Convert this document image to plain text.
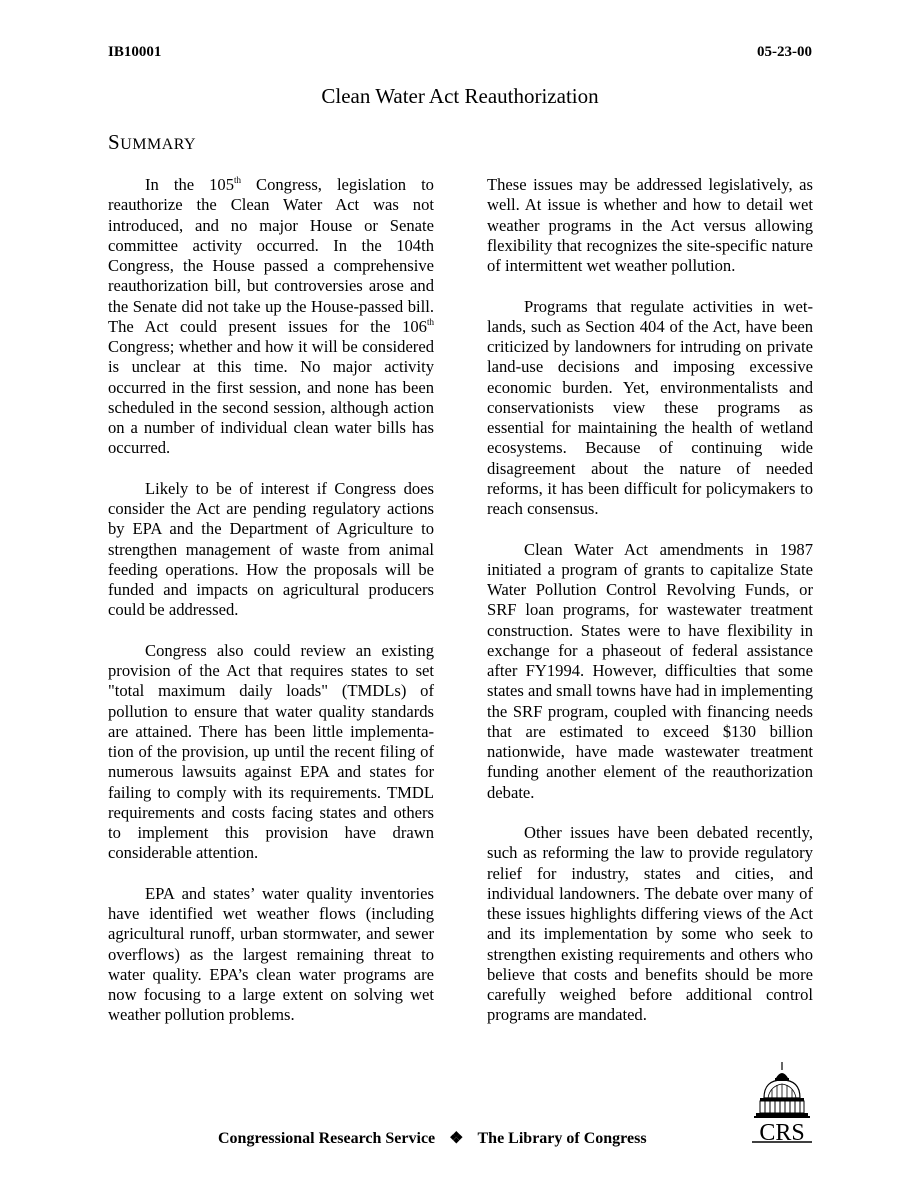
IB10001	05-23-00
Clean Water Act Reauthorization
SUMMARY

In the 105th Congress, legislation to reauthorize the Clean Water Act was not introduced, and no major House or Senate committee activity occurred. In the 104th Congress, the House passed a comprehensive reauthorization bill, but controversies arose and the Senate did not take up the House-passed bill. The Act could present issues for the 106th Congress; whether and how it will be considered is unclear at this time. No major activity occurred in the first session, and none has been scheduled in the second session, although action on a number of individual clean water bills has occurred.

Likely to be of interest if Congress does consider the Act are pending regulatory actions by EPA and the Department of Agriculture to strengthen management of waste from animal feeding operations. How the proposals will be funded and impacts on agricultural producers could be addressed.

Congress also could review an existing provision of the Act that requires states to set "total maximum daily loads" (TMDLs) of pollution to ensure that water quality standards are attained. There has been little implementation of the provision, up until the recent filing of numerous lawsuits against EPA and states for failing to comply with its requirements. TMDL requirements and costs facing states and others to implement this provision have drawn considerable attention.

EPA and states’ water quality inventories have identified wet weather flows (including agricultural runoff, urban stormwater, and sewer overflows) as the largest remaining threat to water quality. EPA’s clean water programs are now focusing to a large extent on solving wet weather pollution problems.

These issues may be addressed legislatively, as well. At issue is whether and how to detail wet weather programs in the Act versus allowing flexibility that recognizes the site-specific nature of intermittent wet weather pollution.

Programs that regulate activities in wetlands, such as Section 404 of the Act, have been criticized by landowners for intruding on private land-use decisions and imposing excessive economic burden. Yet, environmentalists and conservationists view these programs as essential for maintaining the health of wetland ecosystems. Because of continuing wide disagreement about the nature of needed reforms, it has been difficult for policymakers to reach consensus.

Clean Water Act amendments in 1987 initiated a program of grants to capitalize State Water Pollution Control Revolving Funds, or SRF loan programs, for wastewater treatment construction. States were to have flexibility in exchange for a phaseout of federal assistance after FY1994. However, difficulties that some states and small towns have had in implementing the SRF program, coupled with financing needs that are estimated to exceed $130 billion nationwide, have made wastewater treatment funding another element of the reauthorization debate.

Other issues have been debated recently, such as reforming the law to provide regulatory relief for industry, states and cities, and individual landowners. The debate over many of these issues highlights differing views of the Act and its implementation by some who seek to strengthen existing requirements and others who believe that costs and benefits should be more carefully weighed before additional control programs are mandated.

Congressional Research Service ❖ The Library of Congress	CRS
